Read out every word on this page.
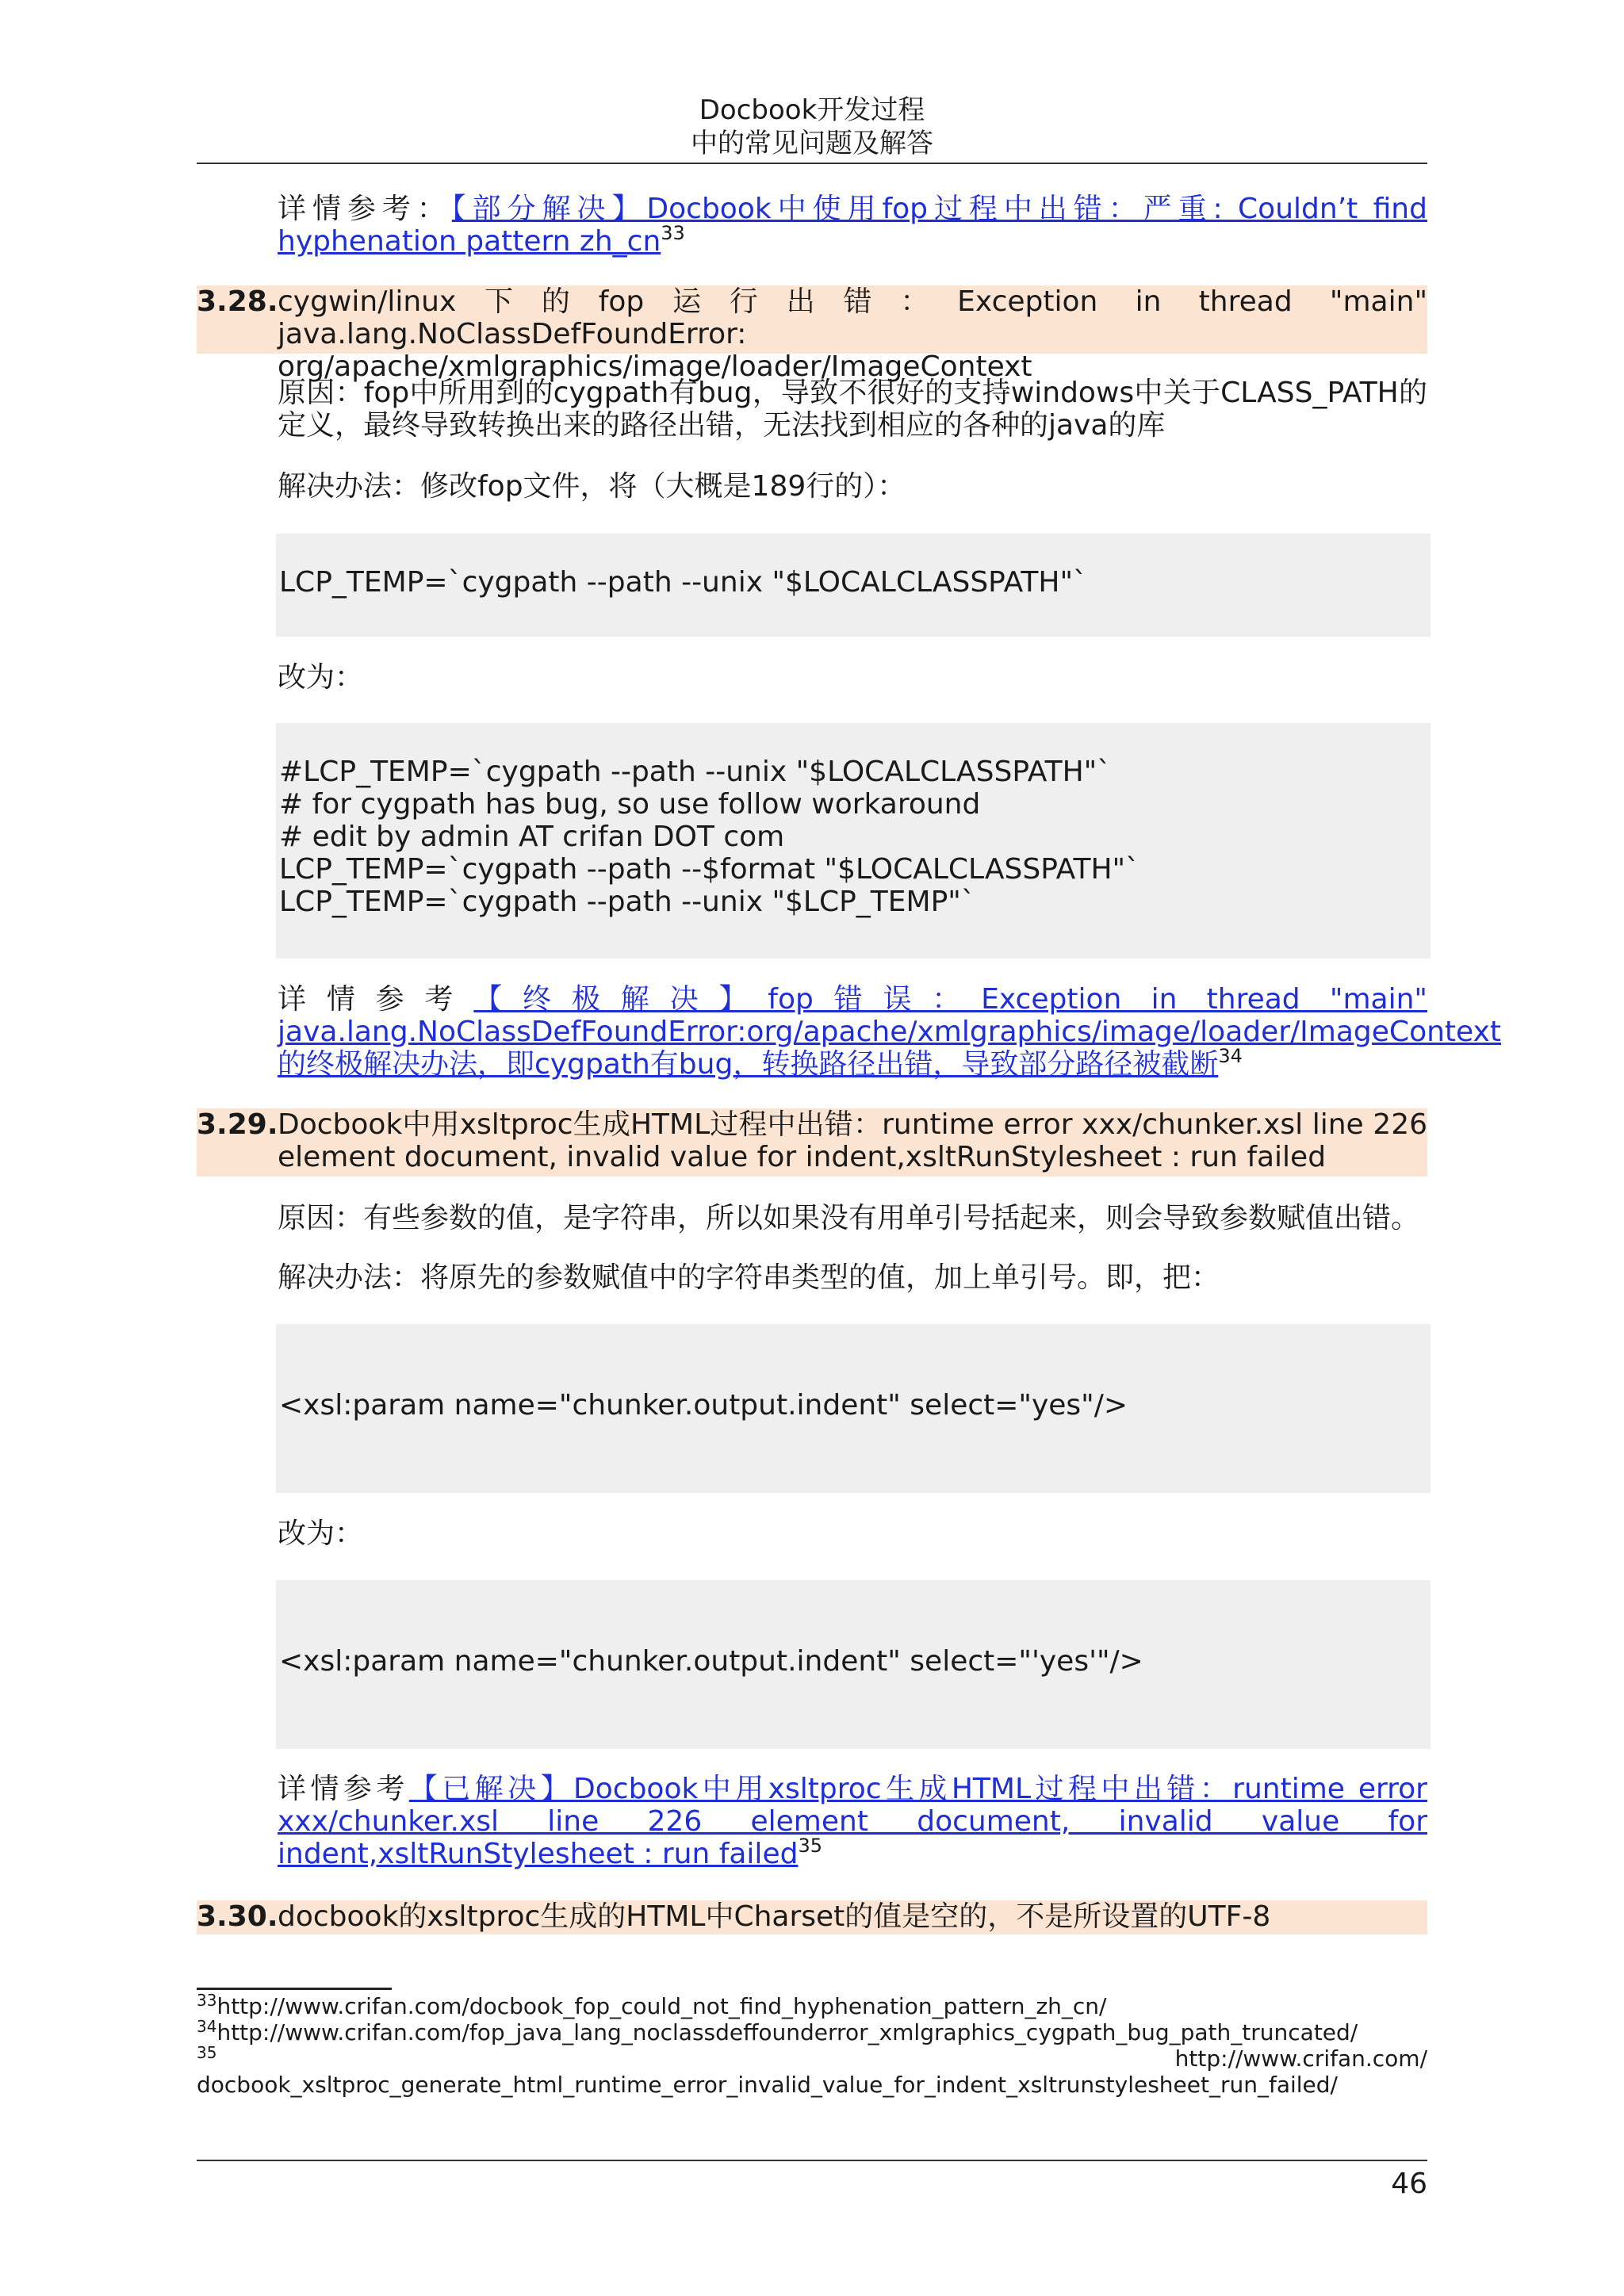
Docbook开发过程
中的常见问题及解答
详情参考：【部分解决】Docbook中使用fop过程中出错：严重: Couldn’t find hyphenation pattern $zh\_cn^{33}$
3.28. cygwin/linux下的fop运行出错：Exception in thread "main" java.lang.NoClassDefFoundError: org/apache/xmlgraphics/image/loader/ImageContext
原因：fop中所用到的cygpath有bug，导致不很好的支持windows中关于CLASS_PATH的定义，最终导致转换出来的路径出错，无法找到相应的各种的java的库
解决办法：修改fop文件，将（大概是189行的）：
LCP_TEMP=`cygpath --path --unix "$LOCALCLASSPATH"`
改为：
#LCP_TEMP=`cygpath --path --unix "$LOCALCLASSPATH"`
# for cygpath has bug, so use follow workaround
# edit by admin AT crifan DOT com
LCP_TEMP=`cygpath --path --$format "$LOCALCLASSPATH"`
LCP_TEMP=`cygpath --path --unix "$LCP_TEMP"`
详情参考【终极解决】fop错误：Exception in thread "main" java.lang.NoClassDefFoundError:org/apache/xmlgraphics/image/loader/ImageContext的终极解决办法，即cygpath有bug，转换路径出错，导致部分路径被截断$^{34}$
3.29. Docbook中用xsltproc生成HTML过程中出错：runtime error xxx/chunker.xsl line 226 element document, invalid value for indent,xsltRunStylesheet : run failed
原因：有些参数的值，是字符串，所以如果没有用单引号括起来，则会导致参数赋值出错。
解决办法：将原先的参数赋值中的字符串类型的值，加上单引号。即，把：
<xsl:param name="chunker.output.indent" select="yes"/>
改为：
<xsl:param name="chunker.output.indent" select="'yes'"/>
详情参考【已解决】Docbook中用xsltproc生成HTML过程中出错：runtime error xxx/chunker.xsl line 226 element document, invalid value for indent,xsltRunStylesheet : run failed$^{35}$
3.30. docbook的xsltproc生成的HTML中Charset的值是空的，不是所设置的UTF-8
$^{33}$http://www.crifan.com/docbook_fop_could_not_find_hyphenation_pattern_zh_cn/
$^{34}$http://www.crifan.com/fop_java_lang_noclassdeffounderror_xmlgraphics_cygpath_bug_path_truncated/
$^{35}$	http://www.crifan.com/
docbook_xsltproc_generate_html_runtime_error_invalid_value_for_indent_xsltrunstylesheet_run_failed/
46
